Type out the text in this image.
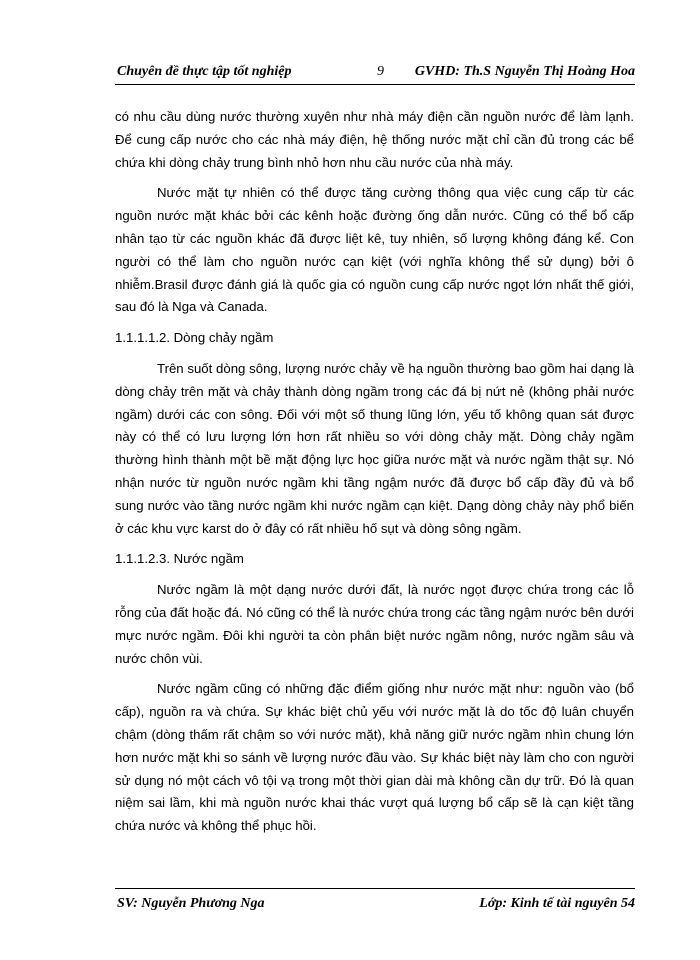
Chuyên đề thực tập tốt nghiệp	9 GVHD: Th.S Nguyễn Thị Hoàng Hoa

có nhu cầu dùng nước thường xuyên như nhà máy điện cần nguồn nước để làm lạnh. Để cung cấp nước cho các nhà máy điện, hệ thống nước mặt chỉ cần đủ trong các bể chứa khi dòng chảy trung bình nhỏ hơn nhu cầu nước của nhà máy.

Nước mặt tự nhiên có thể được tăng cường thông qua việc cung cấp từ các nguồn nước mặt khác bởi các kênh hoặc đường ống dẫn nước. Cũng có thể bổ cấp nhân tạo từ các nguồn khác đã được liệt kê, tuy nhiên, số lượng không đáng kể. Con người có thể làm cho nguồn nước cạn kiệt (với nghĩa không thể sử dụng) bởi ô nhiễm.Brasil được đánh giá là quốc gia có nguồn cung cấp nước ngọt lớn nhất thế giới, sau đó là Nga và Canada.

1.1.1.1.2. Dòng chảy ngầm

Trên suốt dòng sông, lượng nước chảy về hạ nguồn thường bao gồm hai dạng là dòng chảy trên mặt và chảy thành dòng ngầm trong các đá bị nứt nẻ (không phải nước ngầm) dưới các con sông. Đối với một số thung lũng lớn, yếu tố không quan sát được này có thể có lưu lượng lớn hơn rất nhiều so với dòng chảy mặt. Dòng chảy ngầm thường hình thành một bề mặt động lực học giữa nước mặt và nước ngầm thật sự. Nó nhận nước từ nguồn nước ngầm khi tầng ngậm nước đã được bổ cấp đầy đủ và bổ sung nước vào tầng nước ngầm khi nước ngầm cạn kiệt. Dạng dòng chảy này phổ biến ở các khu vực karst do ở đây có rất nhiều hố sụt và dòng sông ngầm.

1.1.1.2.3. Nước ngầm

Nước ngầm là một dạng nước dưới đất, là nước ngọt được chứa trong các lỗ rỗng của đất hoặc đá. Nó cũng có thể là nước chứa trong các tầng ngậm nước bên dưới mực nước ngầm. Đôi khi người ta còn phân biệt nước ngầm nông, nước ngầm sâu và nước chôn vùi.

Nước ngầm cũng có những đặc điểm giống như nước mặt như: nguồn vào (bổ cấp), nguồn ra và chứa. Sự khác biệt chủ yếu với nước mặt là do tốc độ luân chuyển chậm (dòng thấm rất chậm so với nước mặt), khả năng giữ nước ngầm nhìn chung lớn hơn nước mặt khi so sánh về lượng nước đầu vào. Sự khác biệt này làm cho con người sử dụng nó một cách vô tội vạ trong một thời gian dài mà không cần dự trữ. Đó là quan niệm sai lầm, khi mà nguồn nước khai thác vượt quá lượng bổ cấp sẽ là cạn kiệt tầng chứa nước và không thể phục hồi.

SV: Nguyễn Phương Nga	Lớp: Kinh tế tài nguyên 54
